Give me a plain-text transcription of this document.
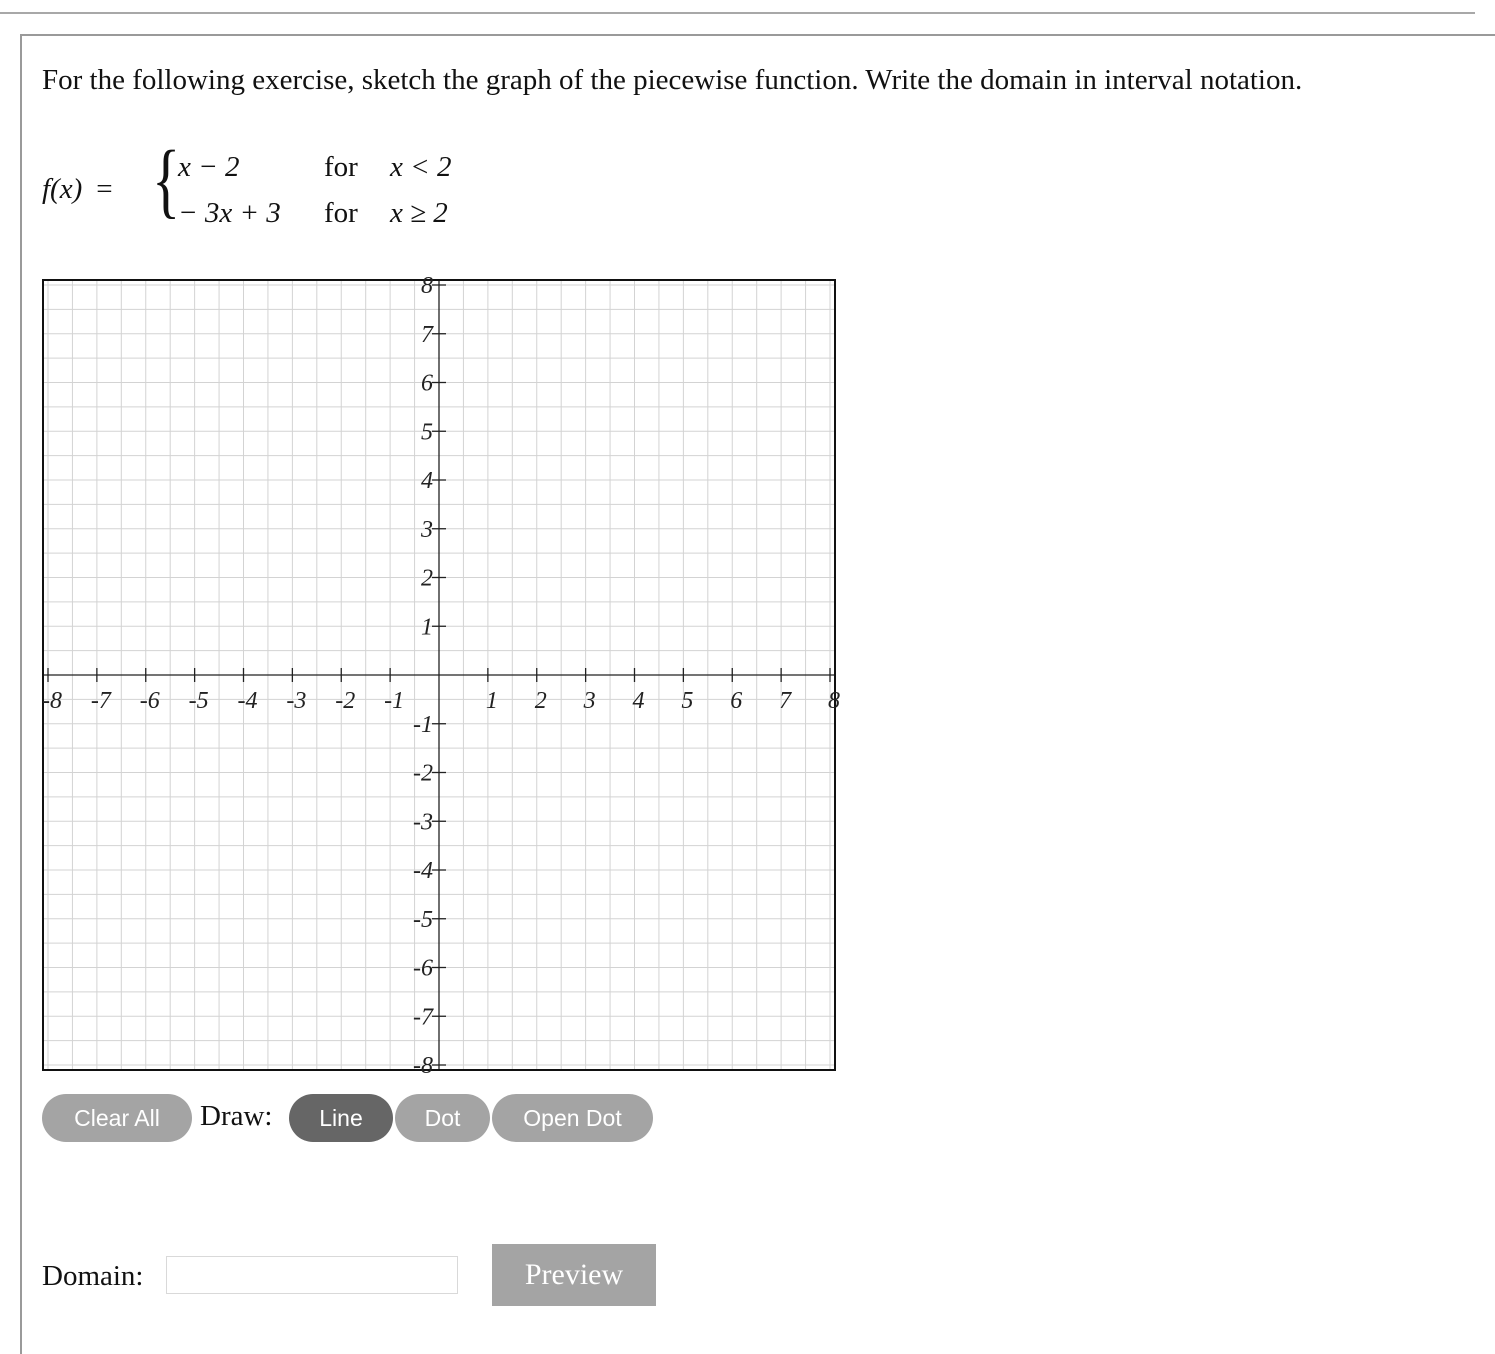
For the following exercise, sketch the graph of the piecewise function. Write the domain in interval notation.
f(x) = {
x − 2	for x < 2
− 3x + 3 for x ≥ 2
-8 -7 -6 -5 -4 -3 -2 -1	1 2 3 4 5 6 7 8
8
7
6
5
4
3
2
1
-1
-2
-3
-4
-5
-6
-7
-8
Clear All	Draw:	Line	Dot	Open Dot
Domain:	Preview
